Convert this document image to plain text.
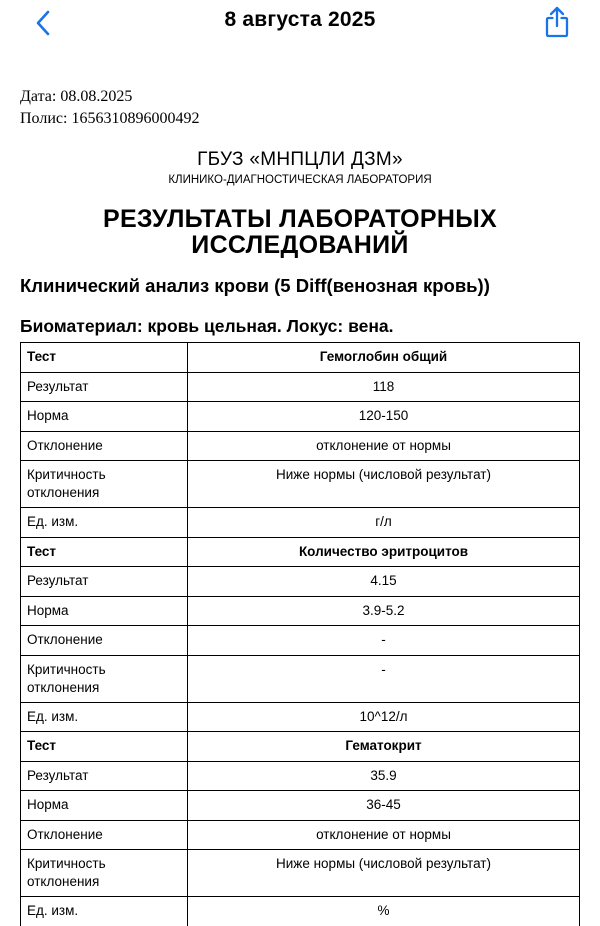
8 августа 2025
Дата: 08.08.2025
Полис: 1656310896000492
ГБУЗ «МНПЦЛИ ДЗМ»
КЛИНИКО-ДИАГНОСТИЧЕСКАЯ ЛАБОРАТОРИЯ
РЕЗУЛЬТАТЫ ЛАБОРАТОРНЫХ ИССЛЕДОВАНИЙ
Клинический анализ крови (5 Diff(венозная кровь))
Биоматериал: кровь цельная. Локус: вена.
Тест	Гемоглобин общий
Результат	118
Норма	120-150
Отклонение	отклонение от нормы
Критичность отклонения	Ниже нормы (числовой результат)
Ед. изм.	г/л
Тест	Количество эритроцитов
Результат	4.15
Норма	3.9-5.2
Отклонение	-
Критичность отклонения	-
Ед. изм.	10^12/л
Тест	Гематокрит
Результат	35.9
Норма	36-45
Отклонение	отклонение от нормы
Критичность отклонения	Ниже нормы (числовой результат)
Ед. изм.	%
